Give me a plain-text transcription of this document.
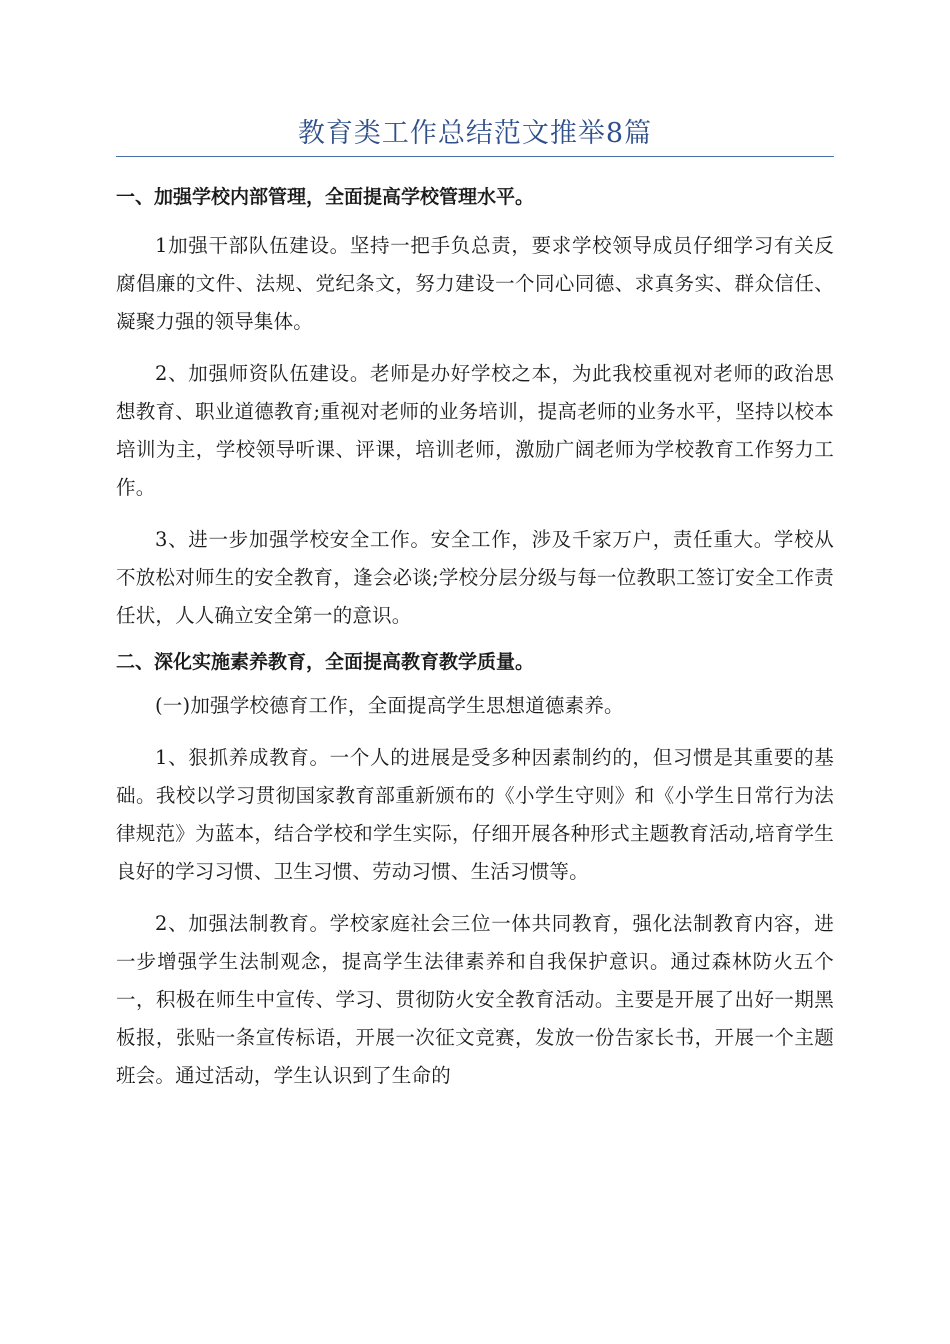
教育类工作总结范文推举8篇
一、加强学校内部管理，全面提高学校管理水平。

1加强干部队伍建设。坚持一把手负总责，要求学校领导成员仔细学习有关反腐倡廉的文件、法规、党纪条文，努力建设一个同心同德、求真务实、群众信任、凝聚力强的领导集体。

2、加强师资队伍建设。老师是办好学校之本，为此我校重视对老师的政治思想教育、职业道德教育;重视对老师的业务培训，提高老师的业务水平，坚持以校本培训为主，学校领导听课、评课，培训老师，激励广阔老师为学校教育工作努力工作。

3、进一步加强学校安全工作。安全工作，涉及千家万户，责任重大。学校从不放松对师生的安全教育，逢会必谈;学校分层分级与每一位教职工签订安全工作责任状，人人确立安全第一的意识。

二、深化实施素养教育，全面提高教育教学质量。

(一)加强学校德育工作，全面提高学生思想道德素养。

1、狠抓养成教育。一个人的进展是受多种因素制约的，但习惯是其重要的基础。我校以学习贯彻国家教育部重新颁布的《小学生守则》和《小学生日常行为法律规范》为蓝本，结合学校和学生实际，仔细开展各种形式主题教育活动,培育学生良好的学习习惯、卫生习惯、劳动习惯、生活习惯等。

2、加强法制教育。学校家庭社会三位一体共同教育，强化法制教育内容，进一步增强学生法制观念，提高学生法律素养和自我保护意识。通过森林防火五个一，积极在师生中宣传、学习、贯彻防火安全教育活动。主要是开展了出好一期黑板报，张贴一条宣传标语，开展一次征文竞赛，发放一份告家长书，开展一个主题班会。通过活动，学生认识到了生命的
